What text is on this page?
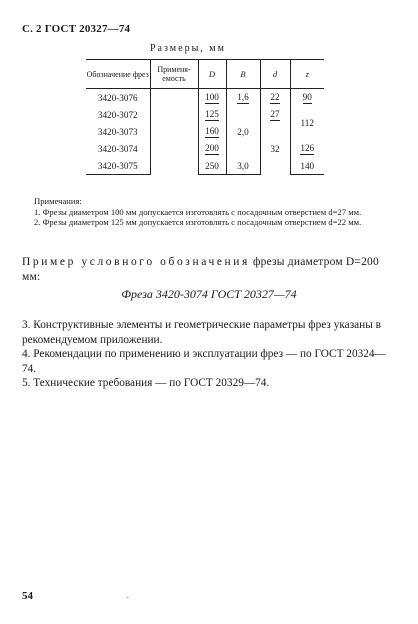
С. 2 ГОСТ 20327—74
Размеры, мм
Обозначение фрез	Применя-емость	D	B	d	z
3420-3076		100	1,6	22	90
3420-3072		125	2,0	27	112
3420-3073		160		32	
3420-3074		200			126
3420-3075		250	3,0		140
Примечания:
1. Фрезы диаметром 100 мм допускается изготовлять с посадочным отверстием d=27 мм.
2. Фрезы диаметром 125 мм допускается изготовлять с посадочным отверстием d=22 мм.
Пример условного обозначения фрезы диаметром D=200 мм:
Фреза 3420-3074 ГОСТ 20327—74
3. Конструктивные элементы и геометрические параметры фрез указаны в рекомендуемом приложении.
4. Рекомендации по применению и эксплуатации фрез — по ГОСТ 20324—74.
5. Технические требования — по ГОСТ 20329—74.
54	-
